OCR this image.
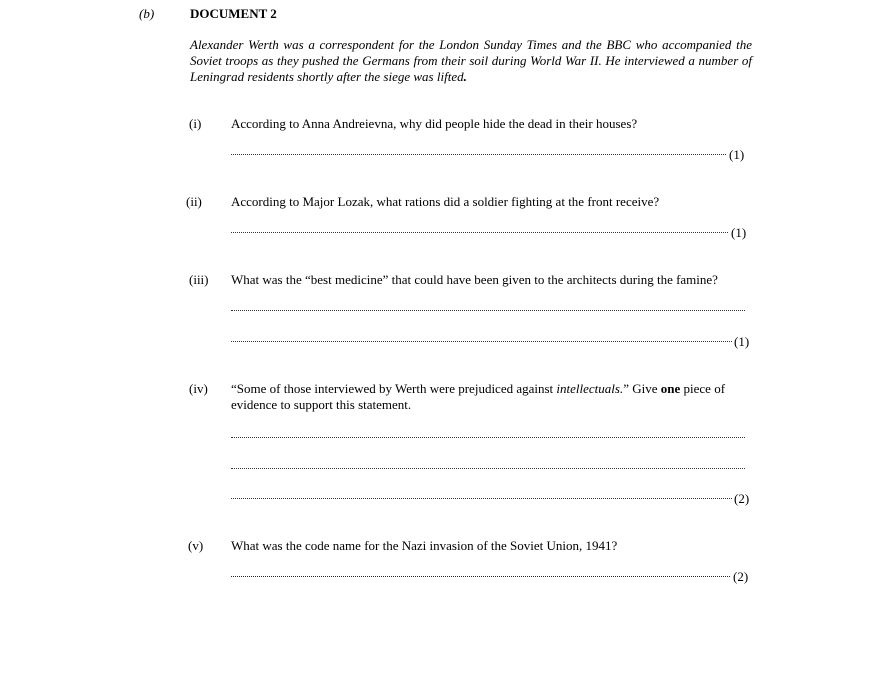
(b)	DOCUMENT 2
Alexander Werth was a correspondent for the London Sunday Times and the BBC who accompanied the Soviet troops as they pushed the Germans from their soil during World War II. He interviewed a number of Leningrad residents shortly after the siege was lifted.
(i)	According to Anna Andreievna, why did people hide the dead in their houses?
(1)
(ii)	According to Major Lozak, what rations did a soldier fighting at the front receive?
(1)
(iii)	What was the “best medicine” that could have been given to the architects during the famine?
(1)
(iv)	“Some of those interviewed by Werth were prejudiced against intellectuals.” Give one piece of evidence to support this statement.
(2)
(v)	What was the code name for the Nazi invasion of the Soviet Union, 1941?
(2)
